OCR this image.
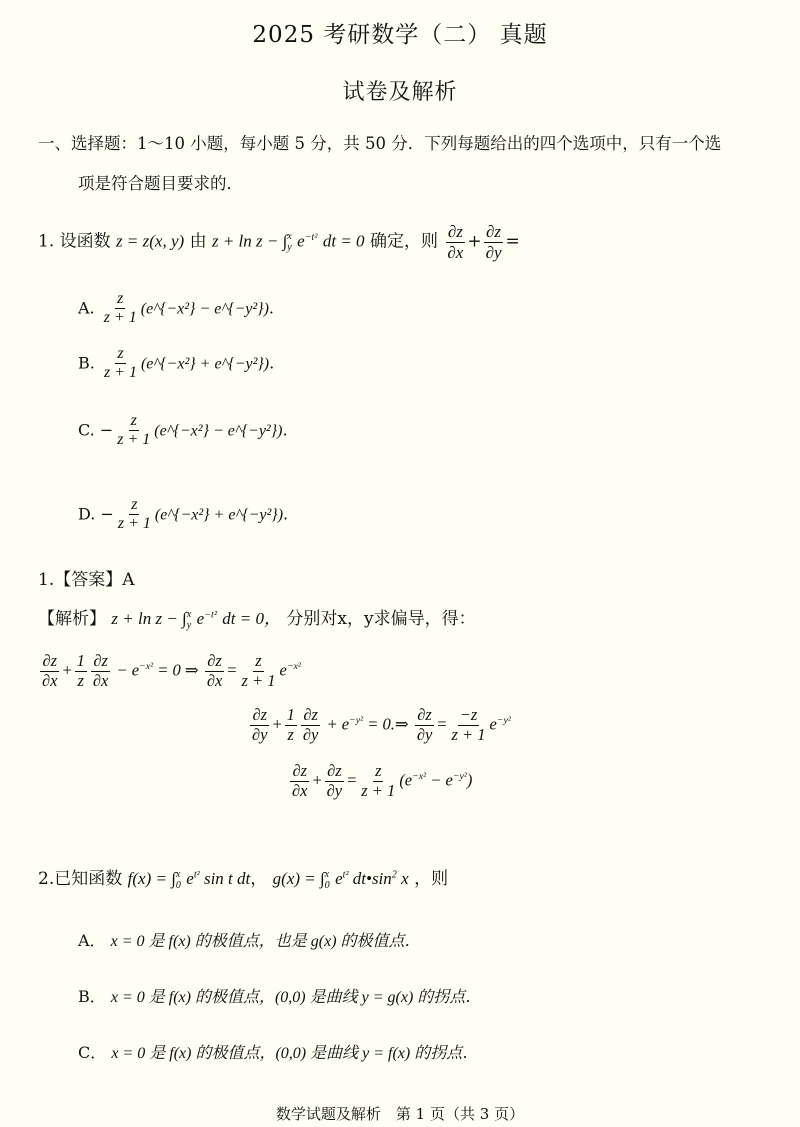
2025 考研数学（二） 真题
试卷及解析
一、选择题：1～10 小题，每小题 5 分，共 50 分．下列每题给出的四个选项中，只有一个选
项是符合题目要求的．
1. 设函数 z = z(x, y) 由 z + ln z − ∫ x
y $e^{-t^2}$ dt = 0 确定，则 $\frac{\partial z}{\partial x} + \frac{\partial z}{\partial y}$ =
A. $\frac{z}{z + 1}$ (e^{−x²} − e^{−y²}).
B. $\frac{z}{z + 1}$ (e^{−x²} + e^{−y²}).
C. − $\frac{z}{z + 1}$ (e^{−x²} − e^{−y²}).
D. − $\frac{z}{z + 1}$ (e^{−x²} + e^{−y²}).
1.【答案】A
【解析】 z + ln z − ∫ x
y $e^{-t^2}$ dt = 0， 分别对x，y求偏导，得：
$\frac{\partial z}{\partial x} + \frac{1}{z} \frac{\partial z}{\partial x} - e^{-x^2} = 0$ ⇒ $\frac{\partial z}{\partial x} = \frac{z}{z + 1} e^{-x^2}$
$\frac{\partial z}{\partial y} + \frac{1}{z} \frac{\partial z}{\partial y} + e^{-y^2}$ = 0.⇒ $\frac{\partial z}{\partial y} = \frac{-z}{z + 1} e^{-y^2}$
$\frac{\partial z}{\partial x} + \frac{\partial z}{\partial y} = \frac{z}{z + 1} (e^{-x^2} - e^{-y^2})$
2.已知函数 f(x) = ∫ x
0 $e^{t^2}$ sin t dt， g(x) = ∫ x
0 $e^{t^2}$ $dt•\sin^2$ x ，则
A． x = 0 是 f(x) 的极值点，也是 g(x) 的极值点．
B． x = 0 是 f(x) 的极值点，(0,0) 是曲线 y = g(x) 的拐点．
C． x = 0 是 f(x) 的极值点，(0,0) 是曲线 y = f(x) 的拐点．
数学试题及解析　第 1 页（共 3 页）
